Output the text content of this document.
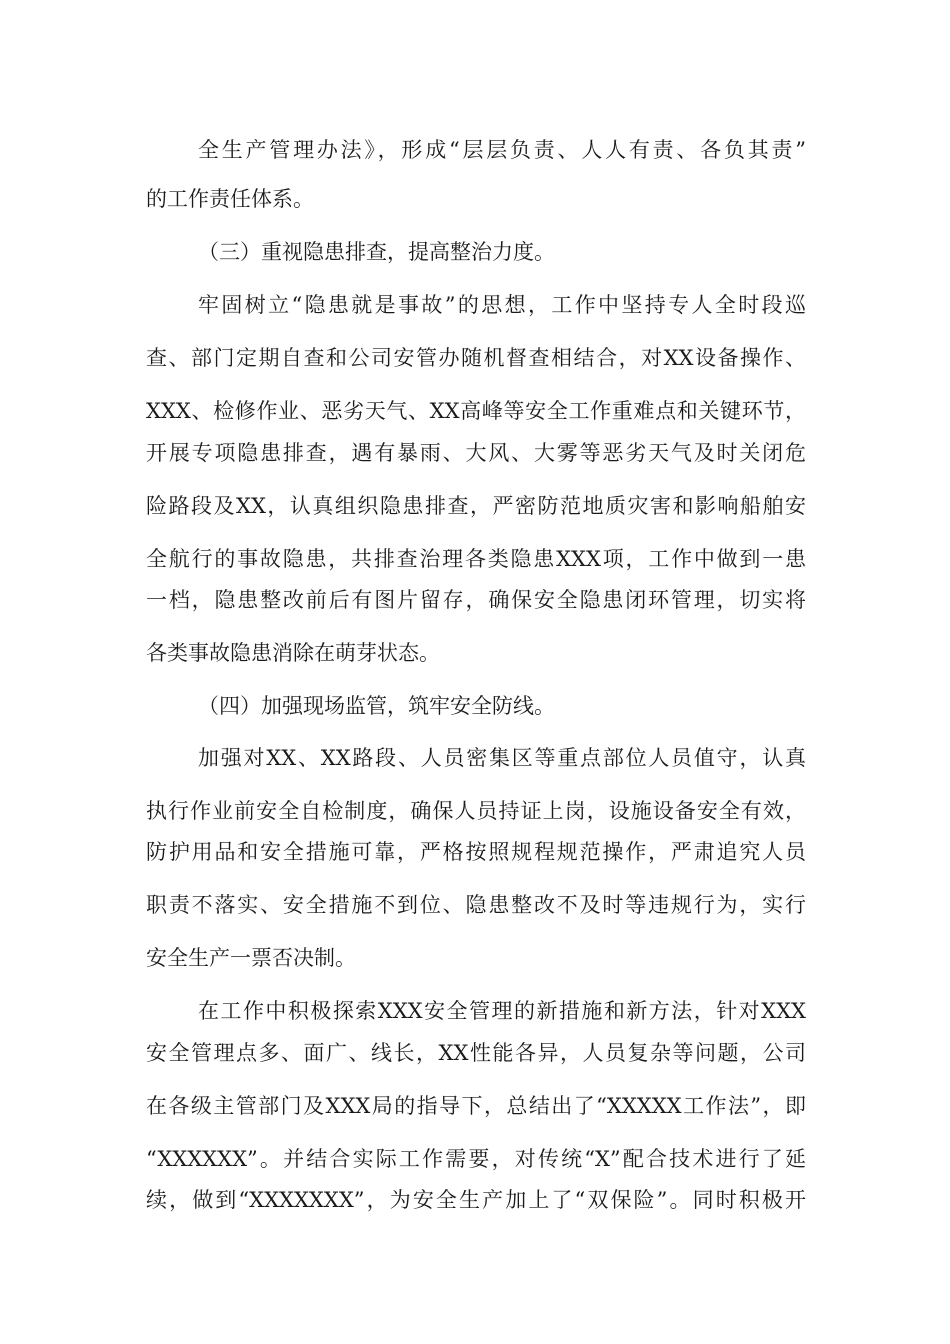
全生产管理办法》，形成“层层负责、人人有责、各负其责”
的工作责任体系。
（三）重视隐患排查，提高整治力度。
牢固树立“隐患就是事故”的思想，工作中坚持专人全时段巡
查、部门定期自查和公司安管办随机督查相结合，对XX设备操作、
XXX、检修作业、恶劣天气、XX高峰等安全工作重难点和关键环节，
开展专项隐患排查，遇有暴雨、大风、大雾等恶劣天气及时关闭危
险路段及XX，认真组织隐患排查，严密防范地质灾害和影响船舶安
全航行的事故隐患，共排查治理各类隐患XXX项，工作中做到一患
一档，隐患整改前后有图片留存，确保安全隐患闭环管理，切实将
各类事故隐患消除在萌芽状态。
（四）加强现场监管，筑牢安全防线。
加强对XX、XX路段、人员密集区等重点部位人员值守，认真
执行作业前安全自检制度，确保人员持证上岗，设施设备安全有效，
防护用品和安全措施可靠，严格按照规程规范操作，严肃追究人员
职责不落实、安全措施不到位、隐患整改不及时等违规行为，实行
安全生产一票否决制。
在工作中积极探索XXX安全管理的新措施和新方法，针对XXX
安全管理点多、面广、线长，XX性能各异，人员复杂等问题，公司
在各级主管部门及XXX局的指导下，总结出了“XXXXX工作法”，即
“XXXXXX”。并结合实际工作需要，对传统“X”配合技术进行了延
续，做到“XXXXXXX”，为安全生产加上了“双保险”。同时积极开
